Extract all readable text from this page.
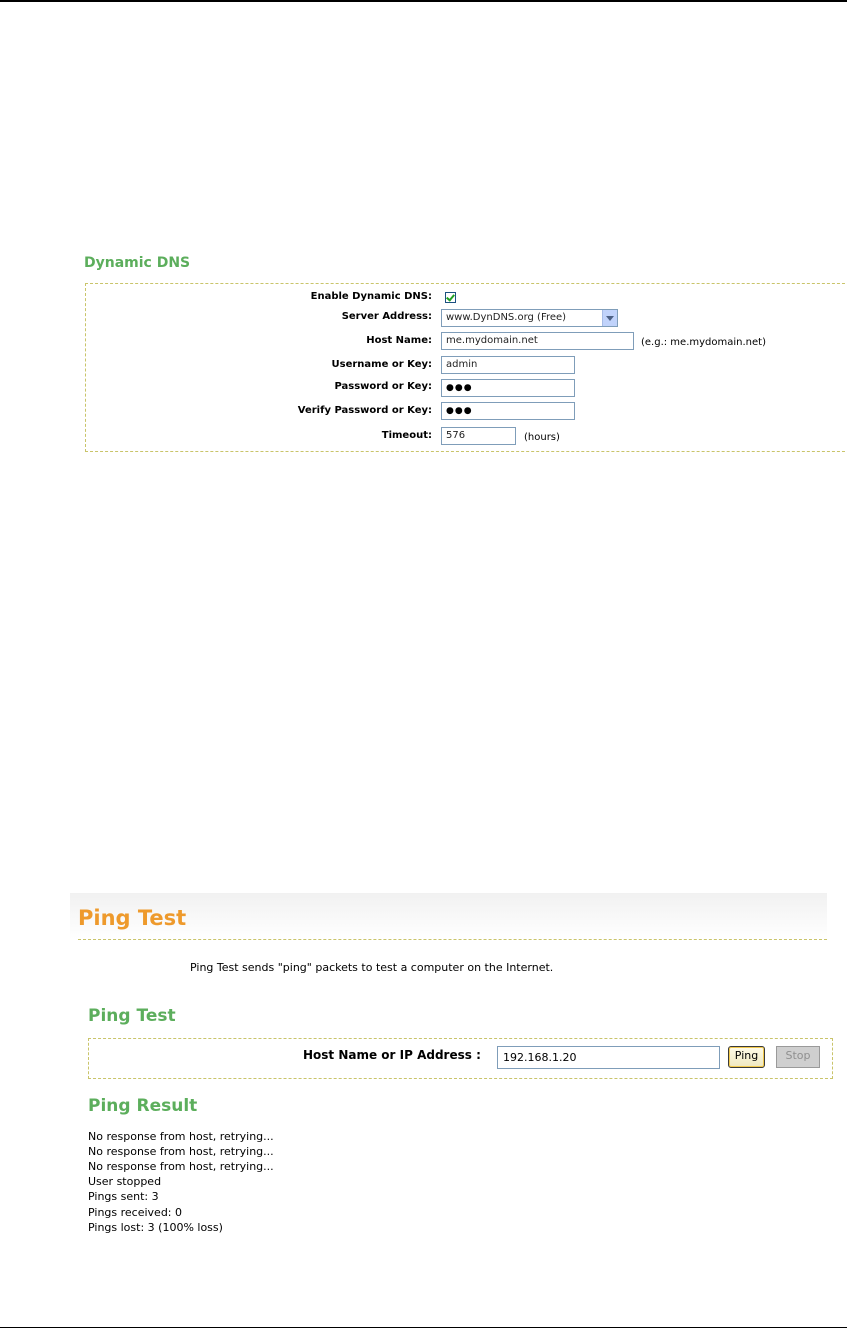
Dynamic DNS
Enable Dynamic DNS:
Server Address:	www.DynDNS.org (Free)
Host Name:	me.mydomain.net	(e.g.: me.mydomain.net)
Username or Key:	admin
Password or Key:	●●●
Verify Password or Key:	●●●
Timeout:	576	(hours)
Ping Test
Ping Test sends "ping" packets to test a computer on the Internet.
Ping Test
Host Name or IP Address :	192.168.1.20	Ping	Stop
Ping Result
No response from host, retrying...
No response from host, retrying...
No response from host, retrying...
User stopped
Pings sent: 3
Pings received: 0
Pings lost: 3 (100% loss)
